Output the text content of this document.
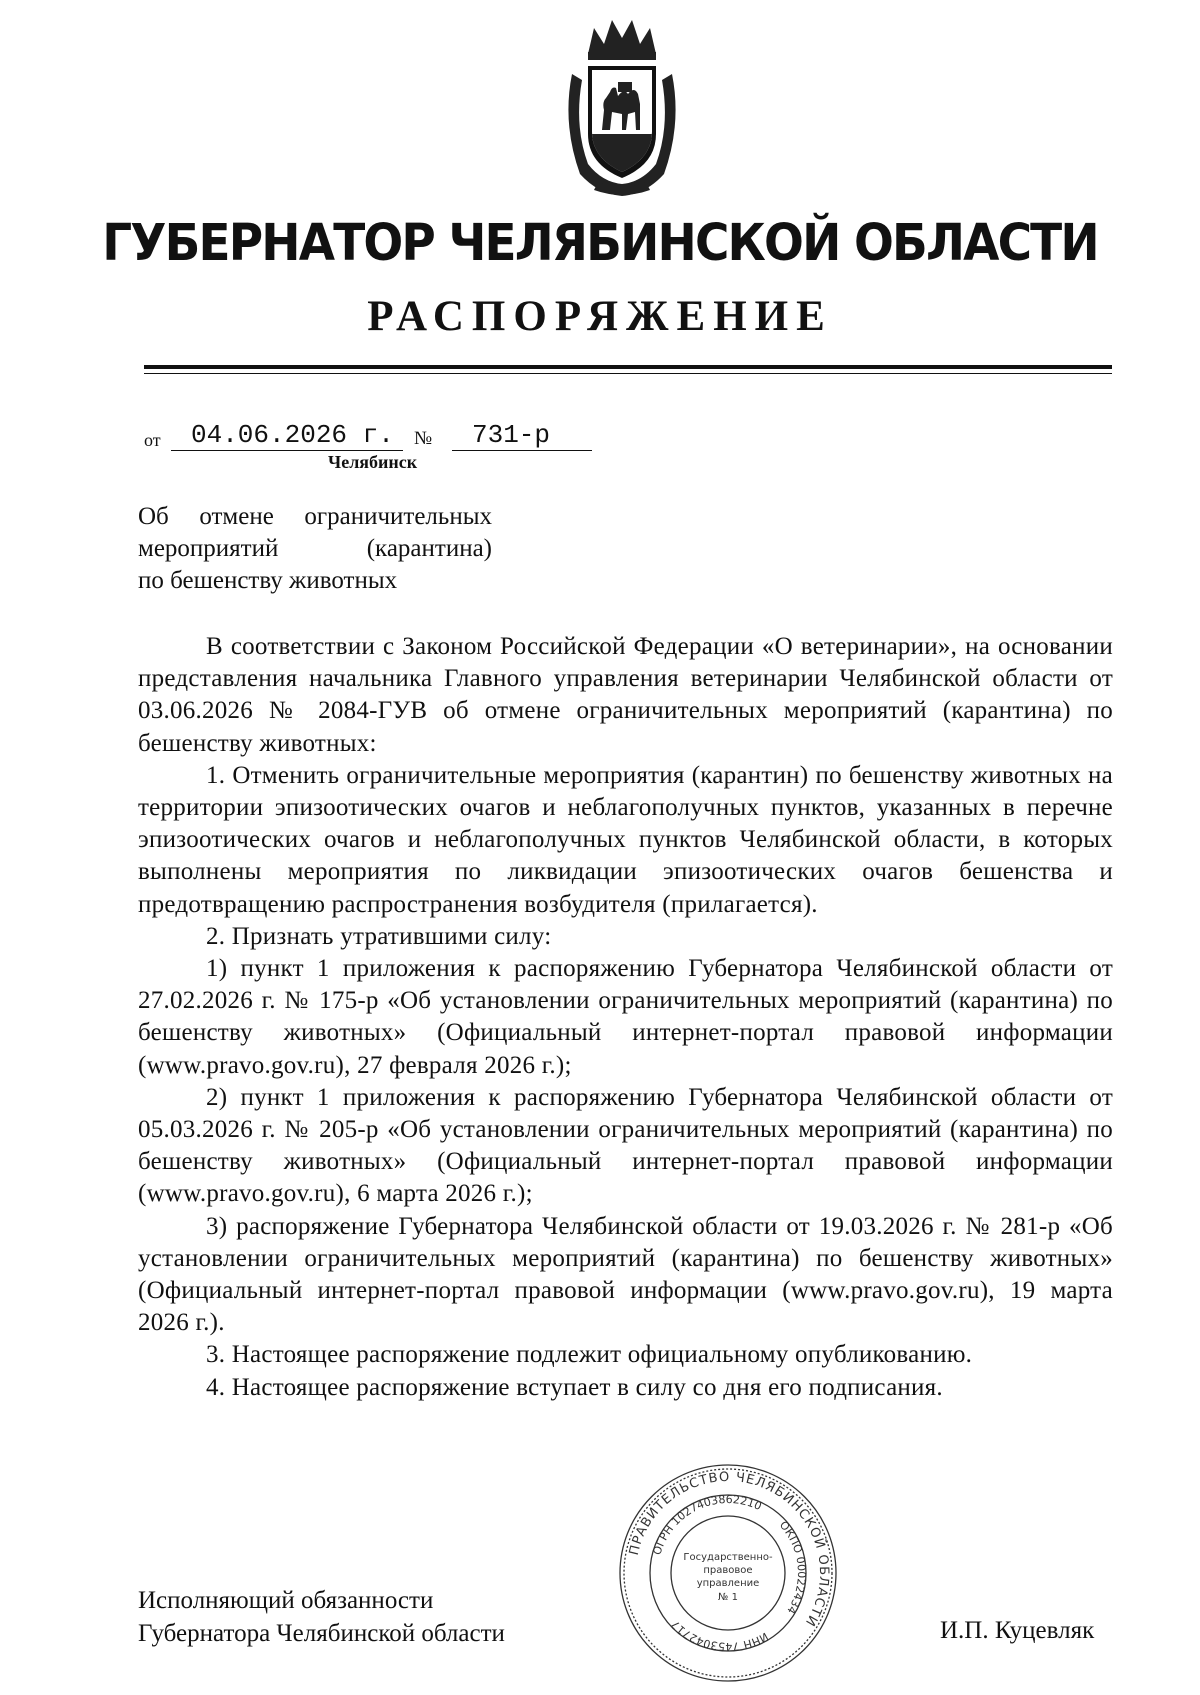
ГУБЕРНАТОР ЧЕЛЯБИНСКОЙ ОБЛАСТИ
РАСПОРЯЖЕНИЕ
от	04.06.2026 г.	№	731-р
Челябинск
Об отмене ограничительных
мероприятий (карантина)
по бешенству животных

В соответствии с Законом Российской Федерации «О ветеринарии», на основании представления начальника Главного управления ветеринарии Челябинской области от 03.06.2026 № 2084-ГУВ об отмене ограничительных мероприятий (карантина) по бешенству животных:

1. Отменить ограничительные мероприятия (карантин) по бешенству животных на территории эпизоотических очагов и неблагополучных пунктов, указанных в перечне эпизоотических очагов и неблагополучных пунктов Челябинской области, в которых выполнены мероприятия по ликвидации эпизоотических очагов бешенства и предотвращению распространения возбудителя (прилагается).

2. Признать утратившими силу:

1) пункт 1 приложения к распоряжению Губернатора Челябинской области от 27.02.2026 г. № 175-р «Об установлении ограничительных мероприятий (карантина) по бешенству животных» (Официальный интернет-портал правовой информации (www.pravo.gov.ru), 27 февраля 2026 г.);

2) пункт 1 приложения к распоряжению Губернатора Челябинской области от 05.03.2026 г. № 205-р «Об установлении ограничительных мероприятий (карантина) по бешенству животных» (Официальный интернет-портал правовой информации (www.pravo.gov.ru), 6 марта 2026 г.);

3) распоряжение Губернатора Челябинской области от 19.03.2026 г. № 281-р «Об установлении ограничительных мероприятий (карантина) по бешенству животных» (Официальный интернет-портал правовой информации (www.pravo.gov.ru), 19 марта 2026 г.).

3. Настоящее распоряжение подлежит официальному опубликованию.

4. Настоящее распоряжение вступает в силу со дня его подписания.

Исполняющий обязанности
Губернатора Челябинской области	И.П. Куцевляк
ПРАВИТЕЛЬСТВО ЧЕЛЯБИНСКОЙ ОБЛАСТИ
ОГРН 1027403862210
ОКПО 00022434
ИНН 7453042717
Государственно-
правовое
управление
№ 1
